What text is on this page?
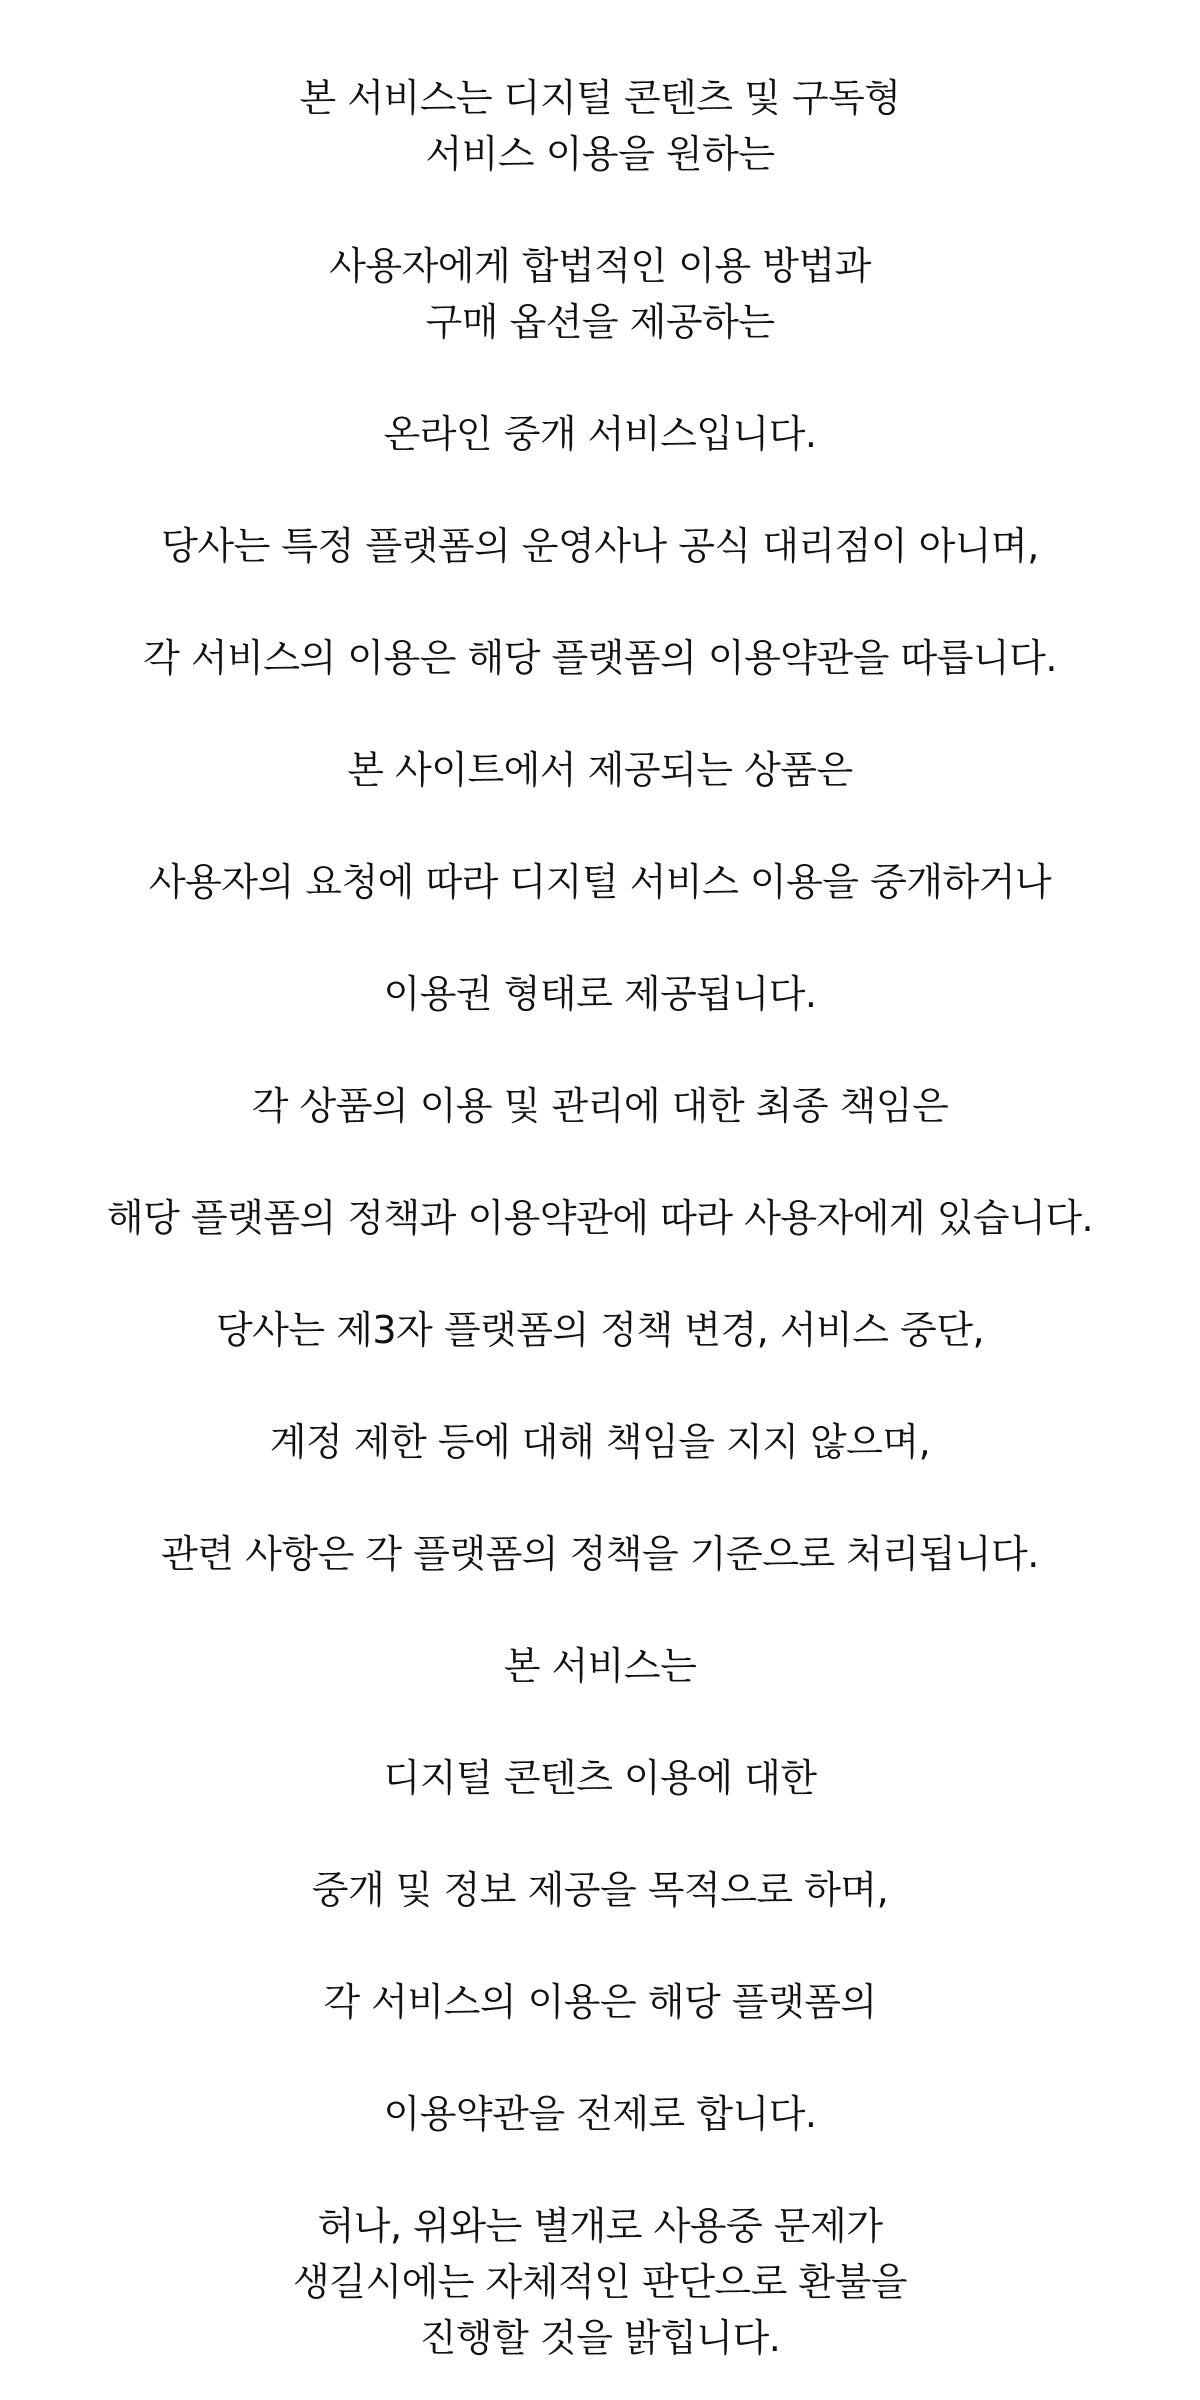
본 서비스는 디지털 콘텐츠 및 구독형
서비스 이용을 원하는

사용자에게 합법적인 이용 방법과
구매 옵션을 제공하는

온라인 중개 서비스입니다.

당사는 특정 플랫폼의 운영사나 공식 대리점이 아니며,

각 서비스의 이용은 해당 플랫폼의 이용약관을 따릅니다.

본 사이트에서 제공되는 상품은

사용자의 요청에 따라 디지털 서비스 이용을 중개하거나

이용권 형태로 제공됩니다.

각 상품의 이용 및 관리에 대한 최종 책임은

해당 플랫폼의 정책과 이용약관에 따라 사용자에게 있습니다.

당사는 제3자 플랫폼의 정책 변경, 서비스 중단,

계정 제한 등에 대해 책임을 지지 않으며,

관련 사항은 각 플랫폼의 정책을 기준으로 처리됩니다.

본 서비스는

디지털 콘텐츠 이용에 대한

중개 및 정보 제공을 목적으로 하며,

각 서비스의 이용은 해당 플랫폼의

이용약관을 전제로 합니다.

허나, 위와는 별개로 사용중 문제가
생길시에는 자체적인 판단으로 환불을
진행할 것을 밝힙니다.
